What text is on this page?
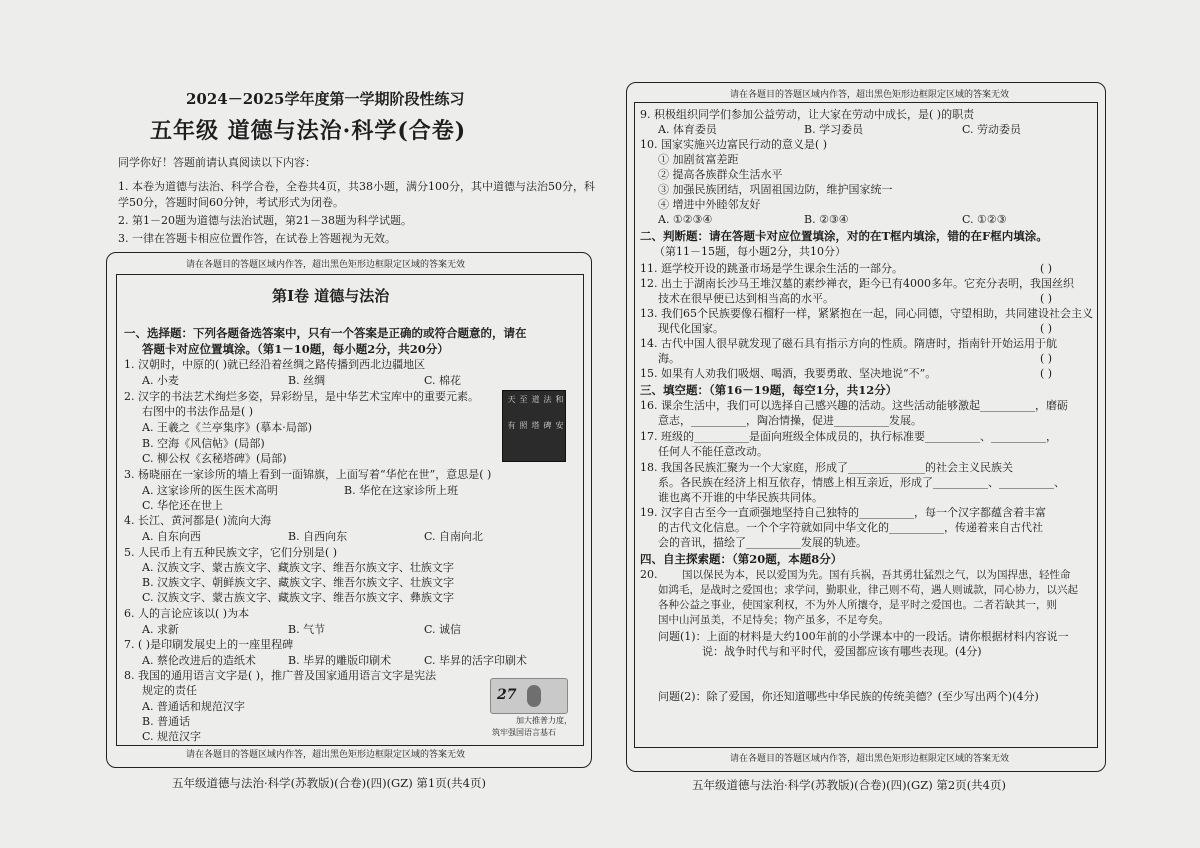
2024－2025学年度第一学期阶段性练习
五年级 道德与法治·科学(合卷)
同学你好！答题前请认真阅读以下内容：
1. 本卷为道德与法治、科学合卷，全卷共4页，共38小题，满分100分，其中道德与法治50分，科
学50分，答题时间60分钟，考试形式为闭卷。
2. 第1－20题为道德与法治试题，第21－38题为科学试题。
3. 一律在答题卡相应位置作答，在试卷上答题视为无效。
请在各题目的答题区域内作答，超出黑色矩形边框限定区域的答案无效
第Ⅰ卷 道德与法治
一、选择题：下列各题备选答案中，只有一个答案是正确的或符合题意的，请在
答题卡对应位置填涂。（第1－10题，每小题2分，共20分）
1. 汉朝时，中原的( )就已经沿着丝绸之路传播到西北边疆地区
A. 小麦	B. 丝绸	C. 棉花
2. 汉字的书法艺术绚烂多姿，异彩纷呈，是中华艺术宝库中的重要元素。
右图中的书法作品是( )
A. 王羲之《兰亭集序》(摹本·局部)
B. 空海《风信帖》(局部)
C. 柳公权《玄秘塔碑》(局部)
天 至 道 法 和
有 照 塔 碑 安
3. 杨晓丽在一家诊所的墙上看到一面锦旗，上面写着“华佗在世”，意思是( )
A. 这家诊所的医生医术高明	B. 华佗在这家诊所上班
C. 华佗还在世上
4. 长江、黄河都是( )流向大海
A. 自东向西	B. 自西向东	C. 自南向北
5. 人民币上有五种民族文字，它们分别是( )
A. 汉族文字、蒙古族文字、藏族文字、维吾尔族文字、壮族文字
B. 汉族文字、朝鲜族文字、藏族文字、维吾尔族文字、壮族文字
C. 汉族文字、蒙古族文字、藏族文字、维吾尔族文字、彝族文字
6. 人的言论应该以( )为本
A. 求新	B. 气节	C. 诚信
7. ( )是印刷发展史上的一座里程碑
A. 蔡伦改进后的造纸术	B. 毕昇的雕版印刷术	C. 毕昇的活字印刷术
8. 我国的通用语言文字是( )，推广普及国家通用语言文字是宪法
规定的责任
A. 普通话和规范汉字
B. 普通话
C. 规范汉字
27
加大推普力度，
筑牢强国语言基石
请在各题目的答题区域内作答，超出黑色矩形边框限定区域的答案无效
五年级道德与法治·科学(苏教版)(合卷)(四)(GZ) 第1页(共4页)
请在各题目的答题区域内作答，超出黑色矩形边框限定区域的答案无效
9. 积极组织同学们参加公益劳动，让大家在劳动中成长，是( )的职责
A. 体育委员	B. 学习委员	C. 劳动委员
10. 国家实施兴边富民行动的意义是( )
① 加剧贫富差距
② 提高各族群众生活水平
③ 加强民族团结，巩固祖国边防，维护国家统一
④ 增进中外睦邻友好
A. ①②③④	B. ②③④	C. ①②③
二、判断题：请在答题卡对应位置填涂，对的在T框内填涂，错的在F框内填涂。
（第11－15题，每小题2分，共10分）
11. 逛学校开设的跳蚤市场是学生课余生活的一部分。	( )
12. 出土于湖南长沙马王堆汉墓的素纱禅衣，距今已有4000多年。它充分表明，我国丝织
技术在很早便已达到相当高的水平。	( )
13. 我们65个民族要像石榴籽一样，紧紧抱在一起，同心同德，守望相助，共同建设社会主义
现代化国家。	( )
14. 古代中国人很早就发现了磁石具有指示方向的性质。隋唐时，指南针开始运用于航
海。	( )
15. 如果有人劝我们吸烟、喝酒，我要勇敢、坚决地说“不”。	( )
三、填空题：（第16－19题，每空1分，共12分）
16. 课余生活中，我们可以选择自己感兴趣的活动。这些活动能够激起__________，磨砺
意志，__________，陶冶情操，促进__________发展。
17. 班级的__________是面向班级全体成员的，执行标准要__________、__________，
任何人不能任意改动。
18. 我国各民族汇聚为一个大家庭，形成了______________的社会主义民族关
系。各民族在经济上相互依存，情感上相互亲近，形成了__________、__________、
谁也离不开谁的中华民族共同体。
19. 汉字自古至今一直顽强地坚持自己独特的__________，每一个汉字都蕴含着丰富
的古代文化信息。一个个字符就如同中华文化的__________，传递着来自古代社
会的音讯，描绘了__________发展的轨迹。
四、自主探索题：（第20题，本题8分）
20. 国以保民为本，民以爱国为先。国有兵祸，吾其勇壮猛烈之气，以为国捍患，轻性命
如鸿毛，是战时之爱国也；求学问，勤职业，律己则不苟，遇人则诚款，同心协力，以兴起
各种公益之事业，使国家利权，不为外人所攘夺，是平时之爱国也。二者若缺其一，则
国中山河虽美，不足恃矣；物产虽多，不足夸矣。
问题(1)：上面的材料是大约100年前的小学课本中的一段话。请你根据材料内容说一
说：战争时代与和平时代，爱国都应该有哪些表现。(4分)
问题(2)：除了爱国，你还知道哪些中华民族的传统美德？(至少写出两个)(4分)
请在各题目的答题区域内作答，超出黑色矩形边框限定区域的答案无效
五年级道德与法治·科学(苏教版)(合卷)(四)(GZ) 第2页(共4页)
